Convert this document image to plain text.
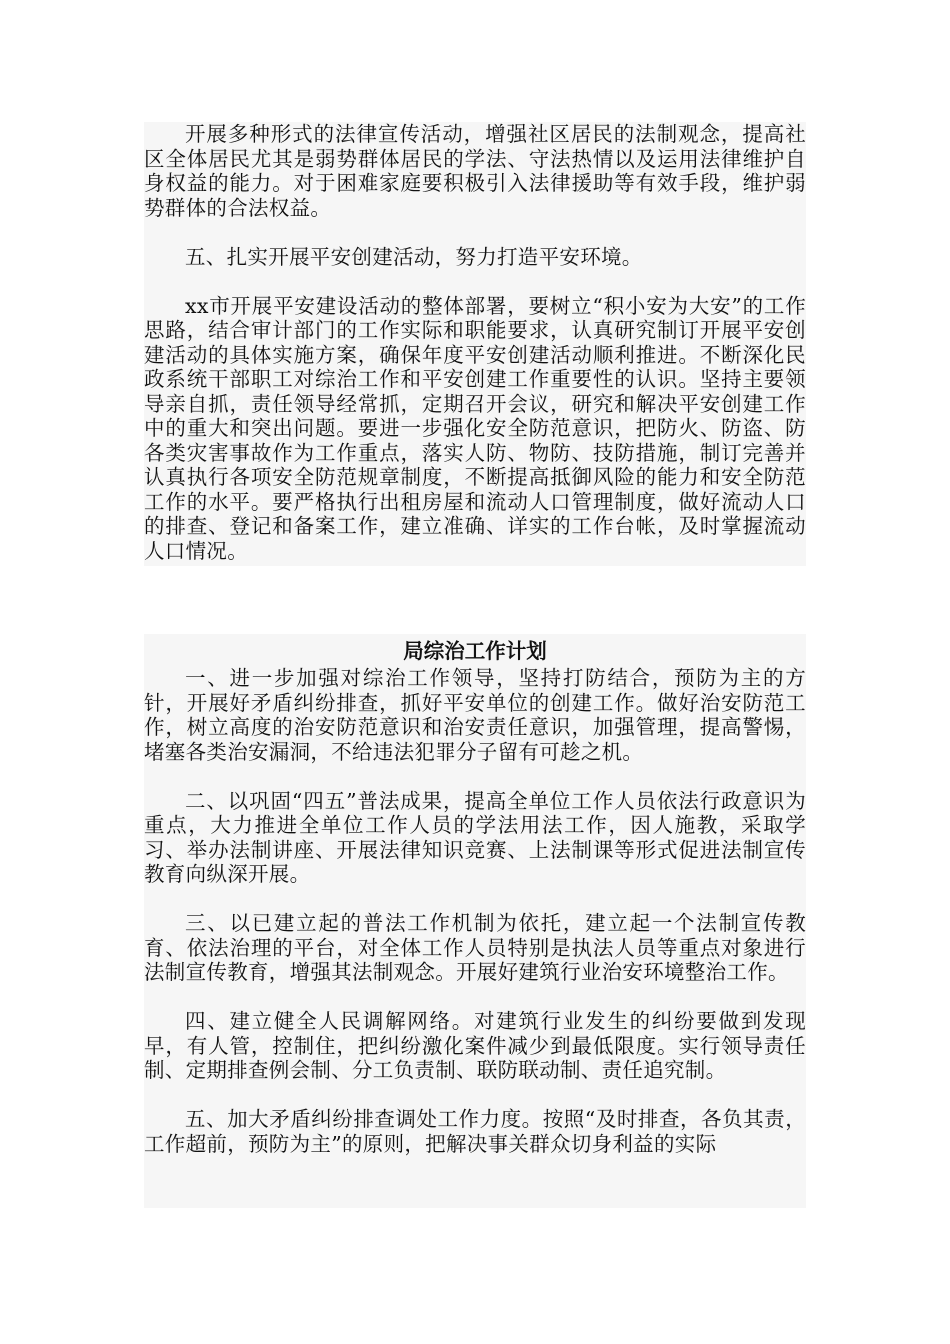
开展多种形式的法律宣传活动，增强社区居民的法制观念，提高社区全体居民尤其是弱势群体居民的学法、守法热情以及运用法律维护自身权益的能力。对于困难家庭要积极引入法律援助等有效手段，维护弱势群体的合法权益。

五、扎实开展平安创建活动，努力打造平安环境。

xx市开展平安建设活动的整体部署，要树立“积小安为大安”的工作思路，结合审计部门的工作实际和职能要求，认真研究制订开展平安创建活动的具体实施方案，确保年度平安创建活动顺利推进。不断深化民政系统干部职工对综治工作和平安创建工作重要性的认识。坚持主要领导亲自抓，责任领导经常抓，定期召开会议，研究和解决平安创建工作中的重大和突出问题。要进一步强化安全防范意识，把防火、防盗、防各类灾害事故作为工作重点，落实人防、物防、技防措施，制订完善并认真执行各项安全防范规章制度，不断提高抵御风险的能力和安全防范工作的水平。要严格执行出租房屋和流动人口管理制度，做好流动人口的排查、登记和备案工作，建立准确、详实的工作台帐，及时掌握流动人口情况。

局综治工作计划

一、进一步加强对综治工作领导，坚持打防结合，预防为主的方针，开展好矛盾纠纷排查，抓好平安单位的创建工作。做好治安防范工作，树立高度的治安防范意识和治安责任意识，加强管理，提高警惕，堵塞各类治安漏洞，不给违法犯罪分子留有可趁之机。

二、以巩固“四五”普法成果，提高全单位工作人员依法行政意识为重点，大力推进全单位工作人员的学法用法工作，因人施教，采取学习、举办法制讲座、开展法律知识竞赛、上法制课等形式促进法制宣传教育向纵深开展。

三、以已建立起的普法工作机制为依托，建立起一个法制宣传教育、依法治理的平台，对全体工作人员特别是执法人员等重点对象进行法制宣传教育，增强其法制观念。开展好建筑行业治安环境整治工作。

四、建立健全人民调解网络。对建筑行业发生的纠纷要做到发现早，有人管，控制住，把纠纷激化案件减少到最低限度。实行领导责任制、定期排查例会制、分工负责制、联防联动制、责任追究制。

五、加大矛盾纠纷排查调处工作力度。按照“及时排查，各负其责，工作超前，预防为主”的原则，把解决事关群众切身利益的实际
